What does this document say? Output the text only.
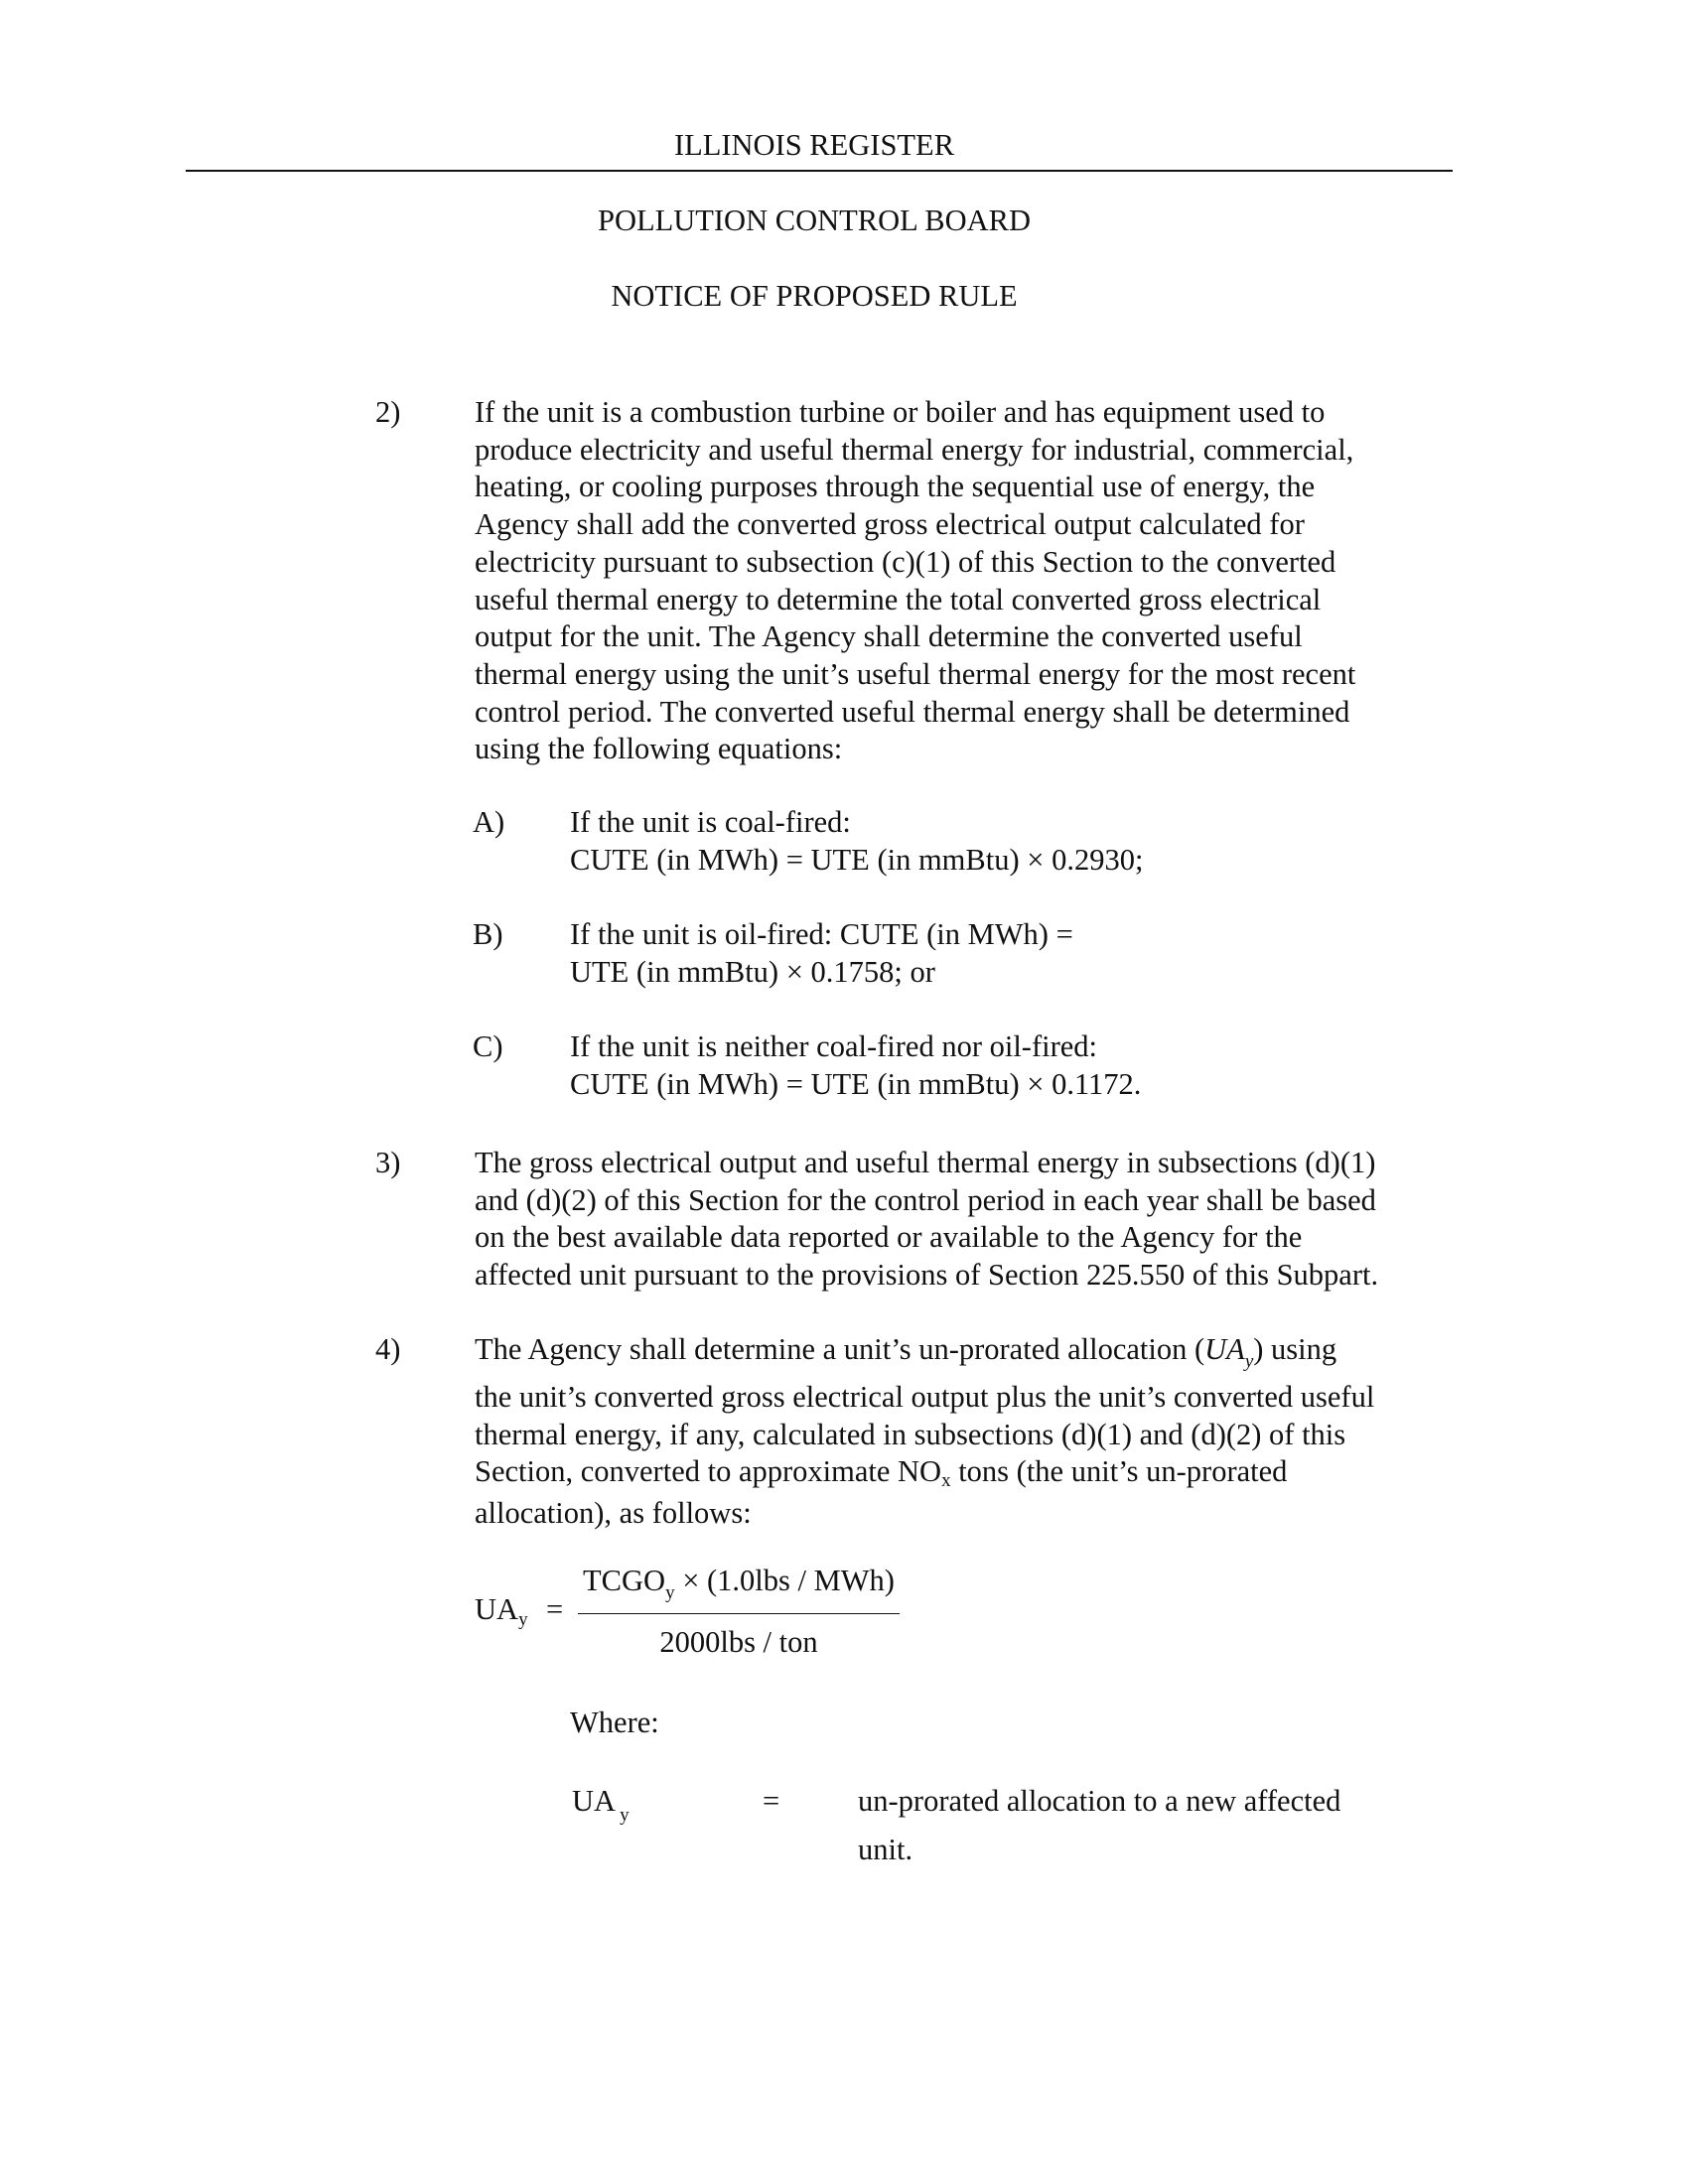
ILLINOIS REGISTER
POLLUTION CONTROL BOARD
NOTICE OF PROPOSED RULE
2) If the unit is a combustion turbine or boiler and has equipment used to
produce electricity and useful thermal energy for industrial, commercial,
heating, or cooling purposes through the sequential use of energy, the
Agency shall add the converted gross electrical output calculated for
electricity pursuant to subsection (c)(1) of this Section to the converted
useful thermal energy to determine the total converted gross electrical
output for the unit. The Agency shall determine the converted useful
thermal energy using the unit’s useful thermal energy for the most recent
control period. The converted useful thermal energy shall be determined
using the following equations:
A) If the unit is coal-fired:
CUTE (in MWh) = UTE (in mmBtu) × 0.2930;
B) If the unit is oil-fired: CUTE (in MWh) =
UTE (in mmBtu) × 0.1758; or
C) If the unit is neither coal-fired nor oil-fired:
CUTE (in MWh) = UTE (in mmBtu) × 0.1172.
3) The gross electrical output and useful thermal energy in subsections (d)(1)
and (d)(2) of this Section for the control period in each year shall be based
on the best available data reported or available to the Agency for the
affected unit pursuant to the provisions of Section 225.550 of this Subpart.
4) The Agency shall determine a unit’s un-prorated allocation $(UA_y)$ using
the unit’s converted gross electrical output plus the unit’s converted useful
thermal energy, if any, calculated in subsections (d)(1) and (d)(2) of this
Section, converted to approximate NOx tons (the unit’s un-prorated
allocation), as follows:
UAy =
$TCGO_y \times (1.0lbs / MWh)$
2000lbs / ton
Where:
UA $_y$	=	un-prorated allocation to a new affected
unit.
